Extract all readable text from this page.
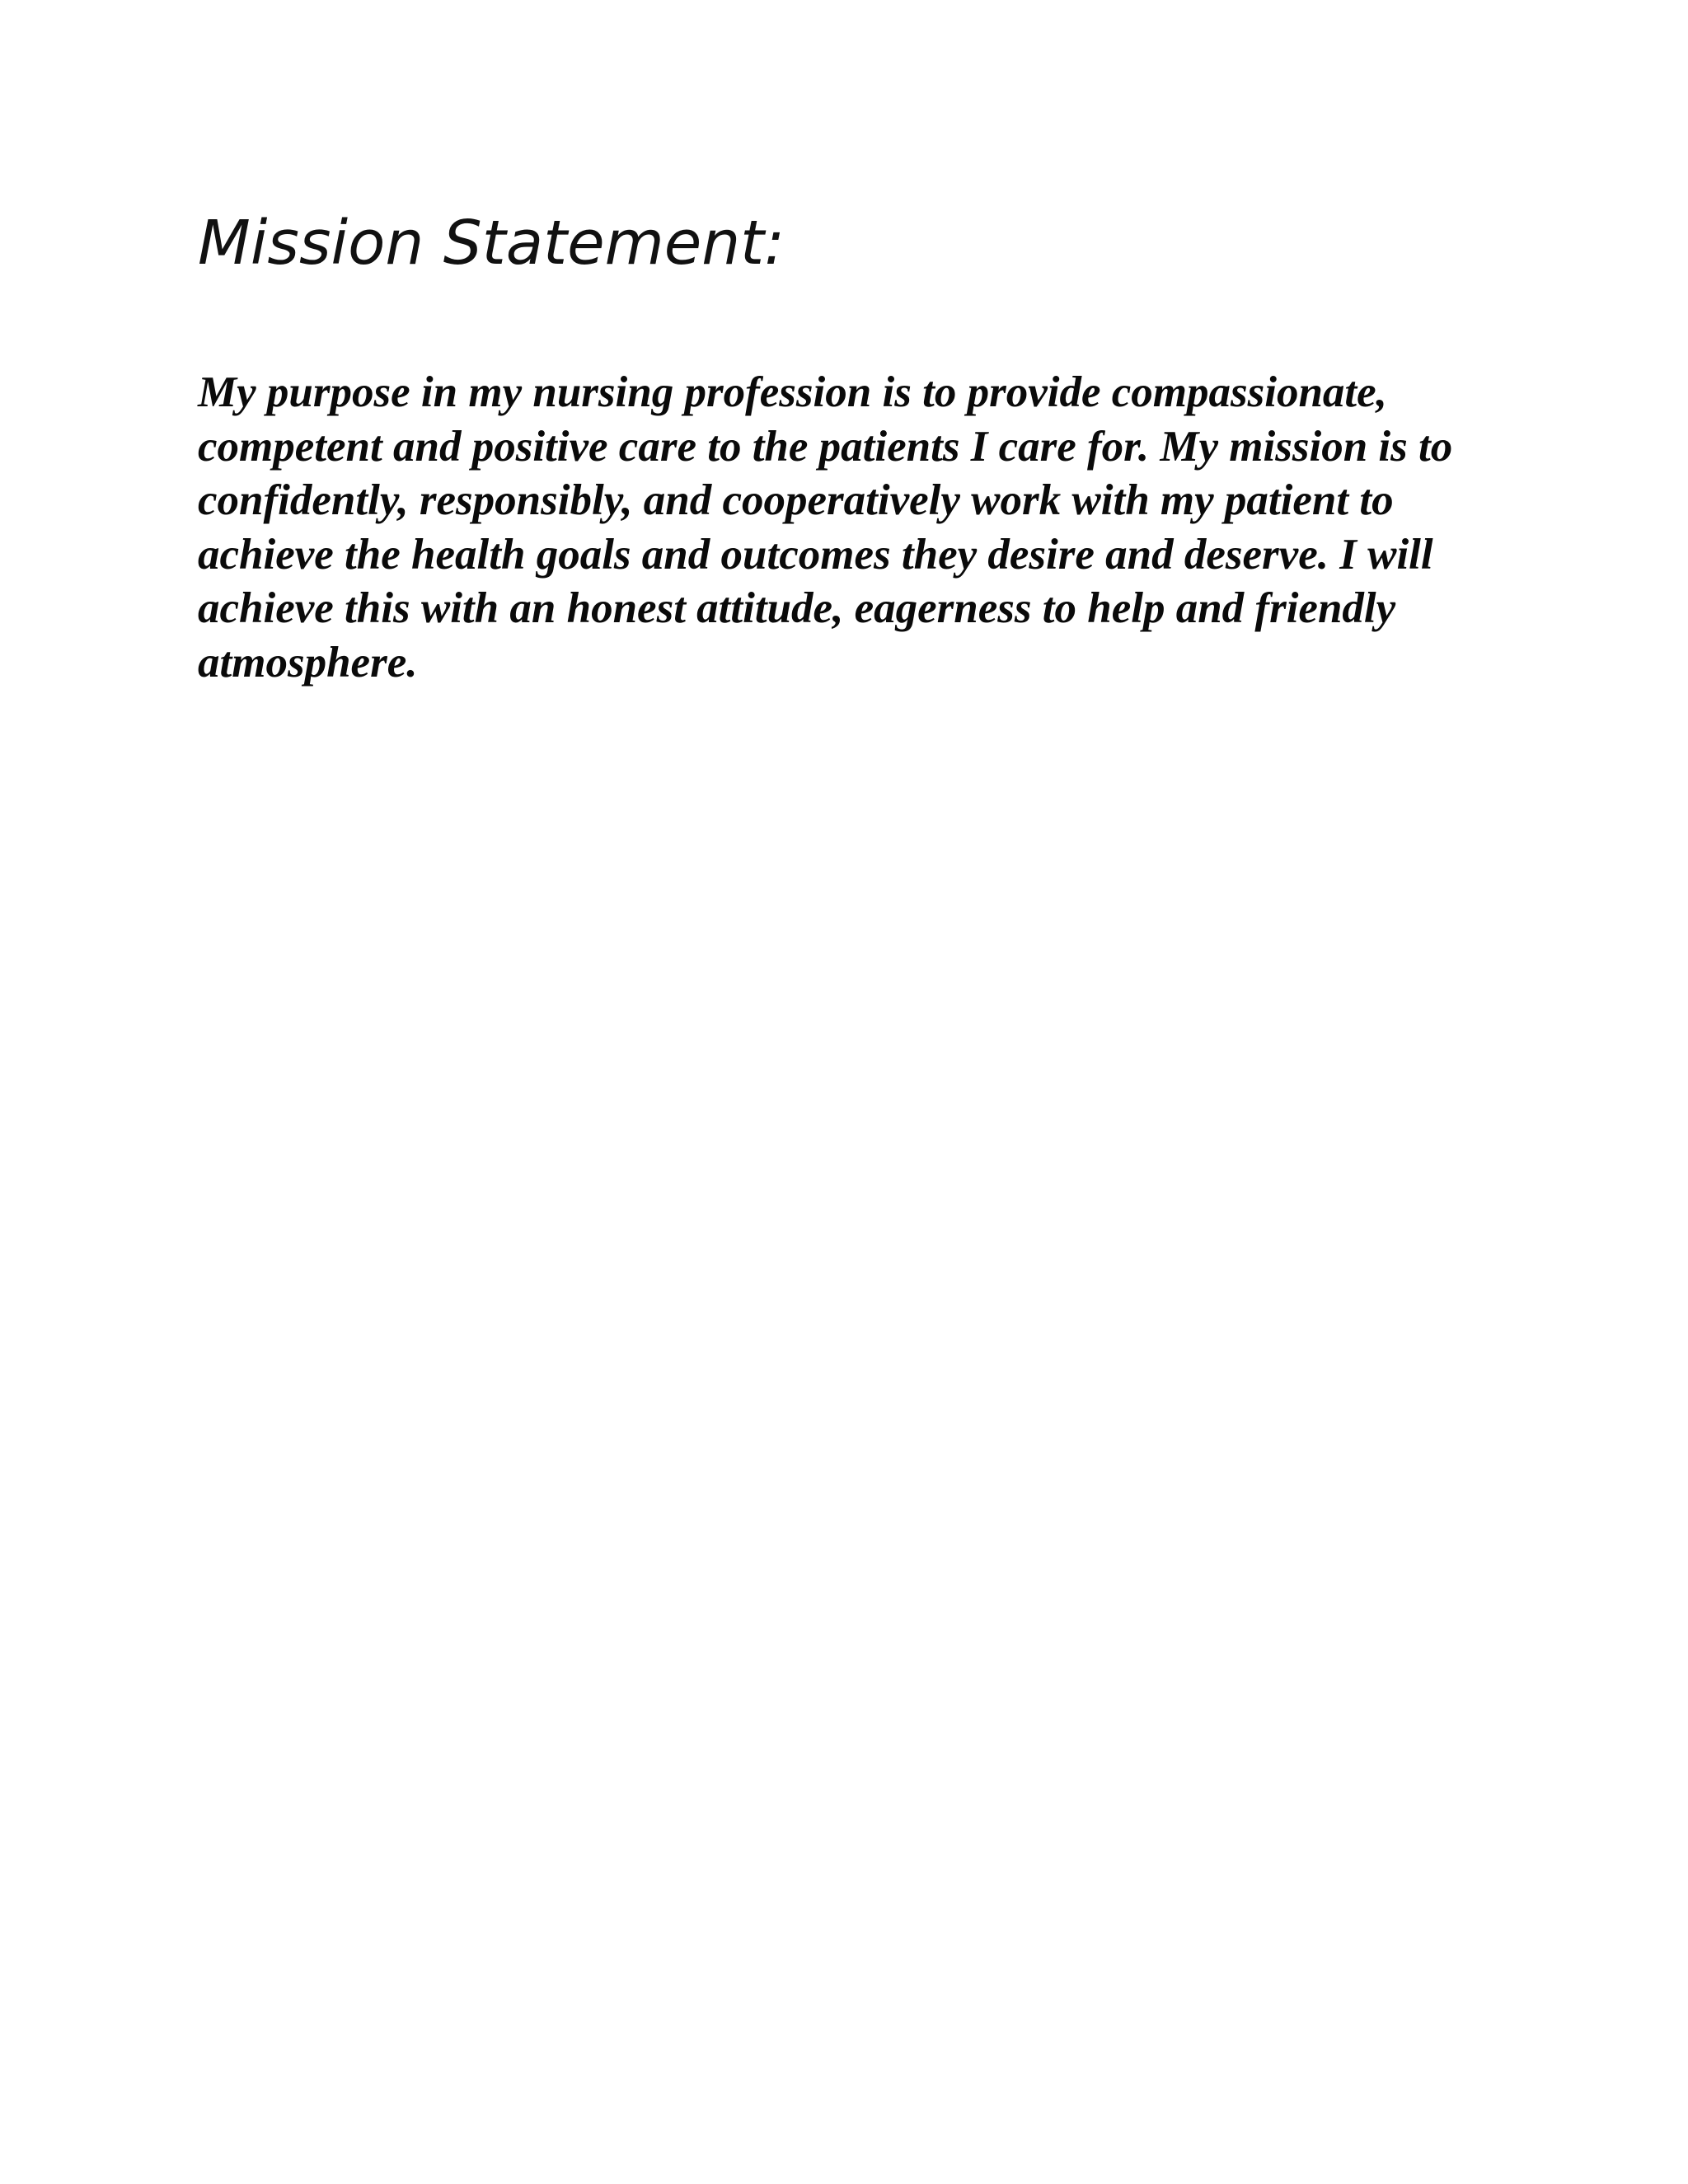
Mission Statement:

My purpose in my nursing profession is to provide compassionate,
competent and positive care to the patients I care for. My mission is to
confidently, responsibly, and cooperatively work with my patient to
achieve the health goals and outcomes they desire and deserve. I will
achieve this with an honest attitude, eagerness to help and friendly
atmosphere.
